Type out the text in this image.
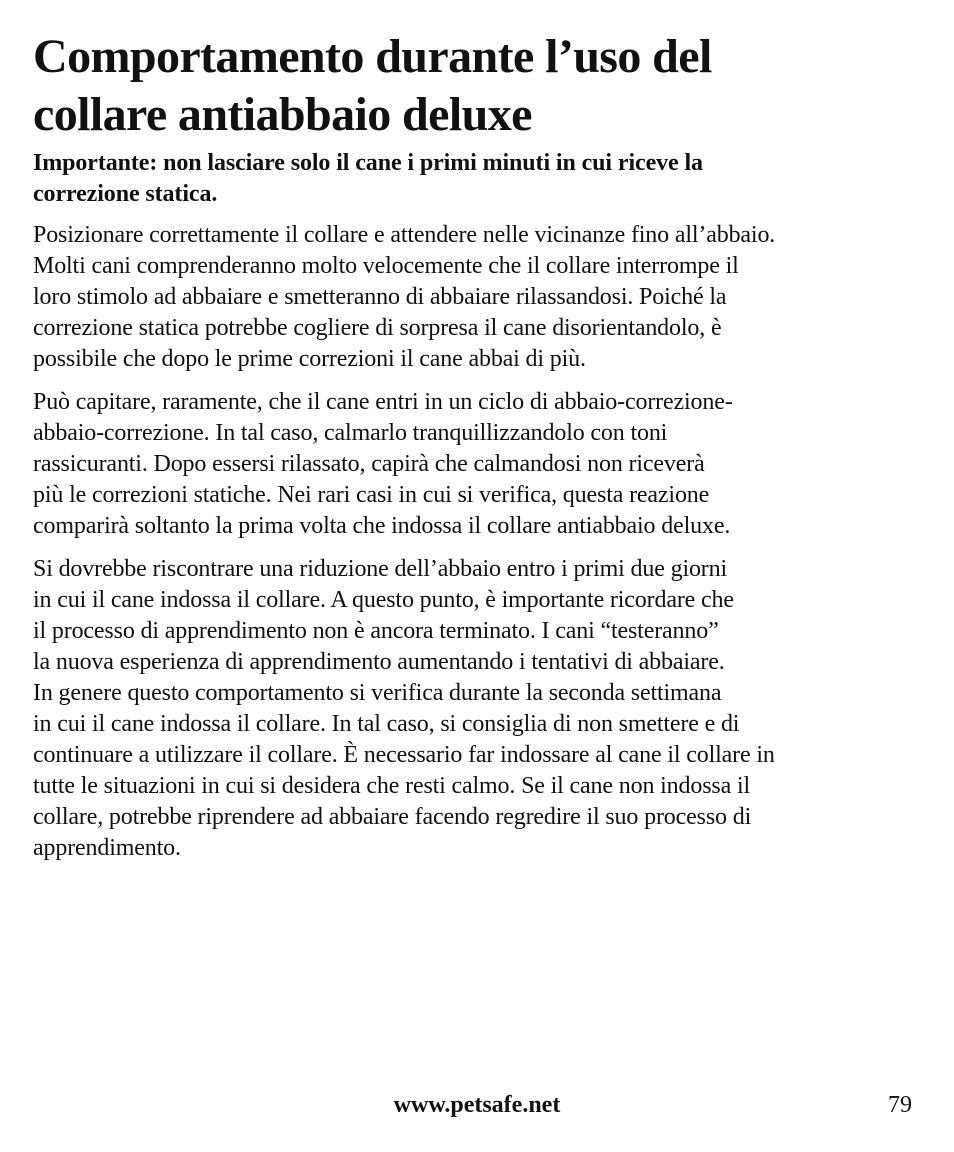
Comportamento durante l’uso del
collare antiabbaio deluxe

Importante: non lasciare solo il cane i primi minuti in cui riceve la
correzione statica.

Posizionare correttamente il collare e attendere nelle vicinanze fino all’abbaio.
Molti cani comprenderanno molto velocemente che il collare interrompe il
loro stimolo ad abbaiare e smetteranno di abbaiare rilassandosi. Poiché la
correzione statica potrebbe cogliere di sorpresa il cane disorientandolo, è
possibile che dopo le prime correzioni il cane abbai di più.

Può capitare, raramente, che il cane entri in un ciclo di abbaio-correzione-
abbaio-correzione. In tal caso, calmarlo tranquillizzandolo con toni
rassicuranti. Dopo essersi rilassato, capirà che calmandosi non riceverà
più le correzioni statiche. Nei rari casi in cui si verifica, questa reazione
comparirà soltanto la prima volta che indossa il collare antiabbaio deluxe.

Si dovrebbe riscontrare una riduzione dell’abbaio entro i primi due giorni
in cui il cane indossa il collare. A questo punto, è importante ricordare che
il processo di apprendimento non è ancora terminato. I cani “testeranno”
la nuova esperienza di apprendimento aumentando i tentativi di abbaiare.
In genere questo comportamento si verifica durante la seconda settimana
in cui il cane indossa il collare. In tal caso, si consiglia di non smettere e di
continuare a utilizzare il collare. È necessario far indossare al cane il collare in
tutte le situazioni in cui si desidera che resti calmo. Se il cane non indossa il
collare, potrebbe riprendere ad abbaiare facendo regredire il suo processo di
apprendimento.

www.petsafe.net	79
